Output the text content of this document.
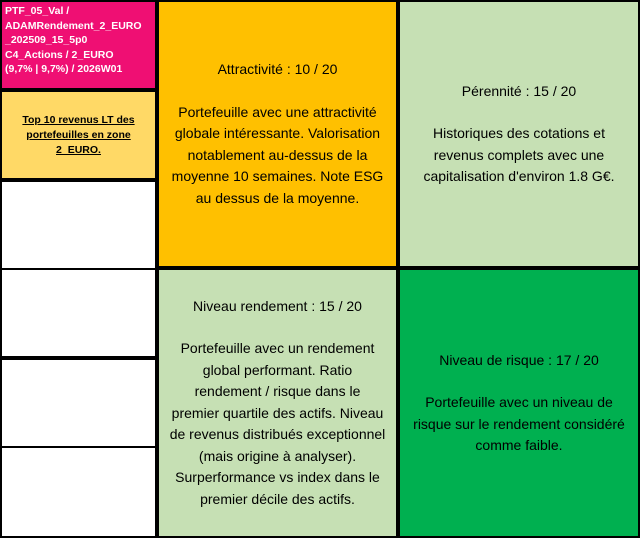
PTF_05_Val /
ADAMRendement_2_EURO
_202509_15_5p0
C4_Actions / 2_EURO
(9,7% | 9,7%) / 2026W01
Top 10 revenus LT des portefeuilles en zone 2_EURO.
Attractivité : 10 / 20
Portefeuille avec une attractivité globale intéressante. Valorisation notablement au-dessus de la moyenne 10 semaines. Note ESG au dessus de la moyenne.
Pérennité : 15 / 20
Historiques des cotations et revenus complets avec une capitalisation d'environ 1.8 G€.
Niveau rendement : 15 / 20
Portefeuille avec un rendement global performant. Ratio rendement / risque dans le premier quartile des actifs. Niveau de revenus distribués exceptionnel (mais origine à analyser). Surperformance vs index dans le premier décile des actifs.
Niveau de risque : 17 / 20
Portefeuille avec un niveau de risque sur le rendement considéré comme faible.
